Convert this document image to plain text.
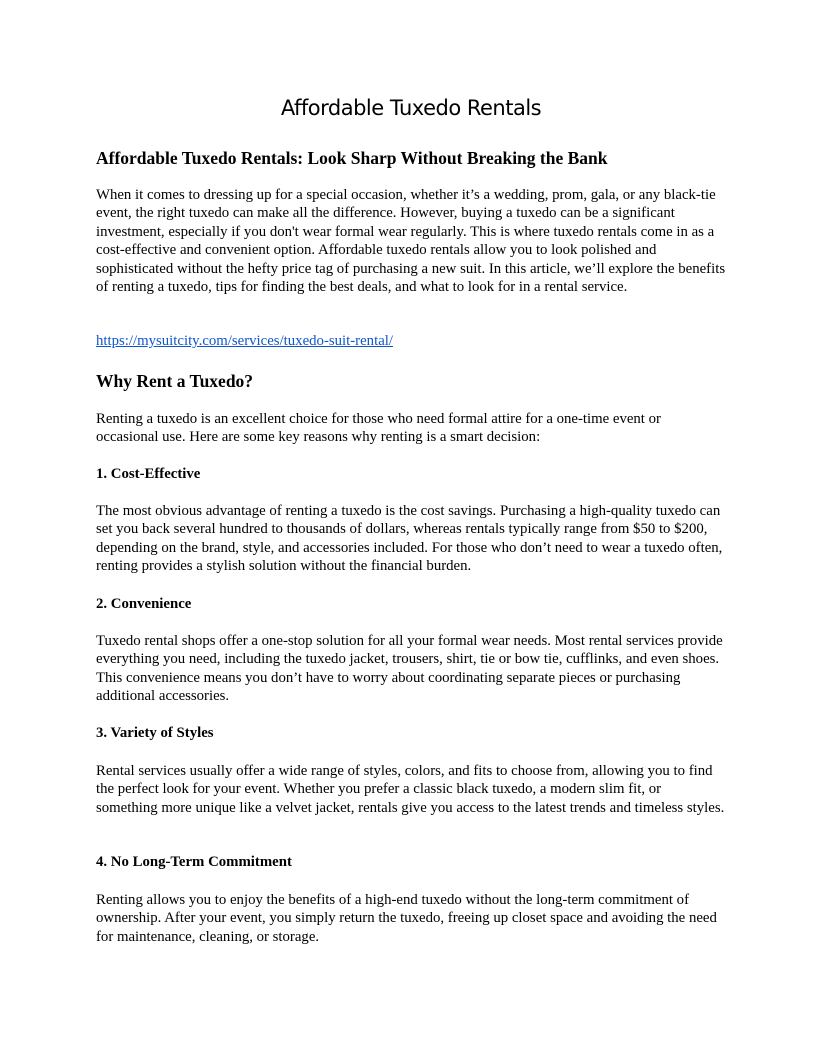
Affordable Tuxedo Rentals
Affordable Tuxedo Rentals: Look Sharp Without Breaking the Bank

When it comes to dressing up for a special occasion, whether it’s a wedding, prom, gala, or any black-tie event, the right tuxedo can make all the difference. However, buying a tuxedo can be a significant investment, especially if you don't wear formal wear regularly. This is where tuxedo rentals come in as a cost-effective and convenient option. Affordable tuxedo rentals allow you to look polished and sophisticated without the hefty price tag of purchasing a new suit. In this article, we’ll explore the benefits of renting a tuxedo, tips for finding the best deals, and what to look for in a rental service.

https://mysuitcity.com/services/tuxedo-suit-rental/
Why Rent a Tuxedo?

Renting a tuxedo is an excellent choice for those who need formal attire for a one-time event or occasional use. Here are some key reasons why renting is a smart decision:

1. Cost-Effective

The most obvious advantage of renting a tuxedo is the cost savings. Purchasing a high-quality tuxedo can set you back several hundred to thousands of dollars, whereas rentals typically range from $50 to $200, depending on the brand, style, and accessories included. For those who don’t need to wear a tuxedo often, renting provides a stylish solution without the financial burden.

2. Convenience

Tuxedo rental shops offer a one-stop solution for all your formal wear needs. Most rental services provide everything you need, including the tuxedo jacket, trousers, shirt, tie or bow tie, cufflinks, and even shoes. This convenience means you don’t have to worry about coordinating separate pieces or purchasing additional accessories.

3. Variety of Styles

Rental services usually offer a wide range of styles, colors, and fits to choose from, allowing you to find the perfect look for your event. Whether you prefer a classic black tuxedo, a modern slim fit, or something more unique like a velvet jacket, rentals give you access to the latest trends and timeless styles.

4. No Long-Term Commitment

Renting allows you to enjoy the benefits of a high-end tuxedo without the long-term commitment of ownership. After your event, you simply return the tuxedo, freeing up closet space and avoiding the need for maintenance, cleaning, or storage.
